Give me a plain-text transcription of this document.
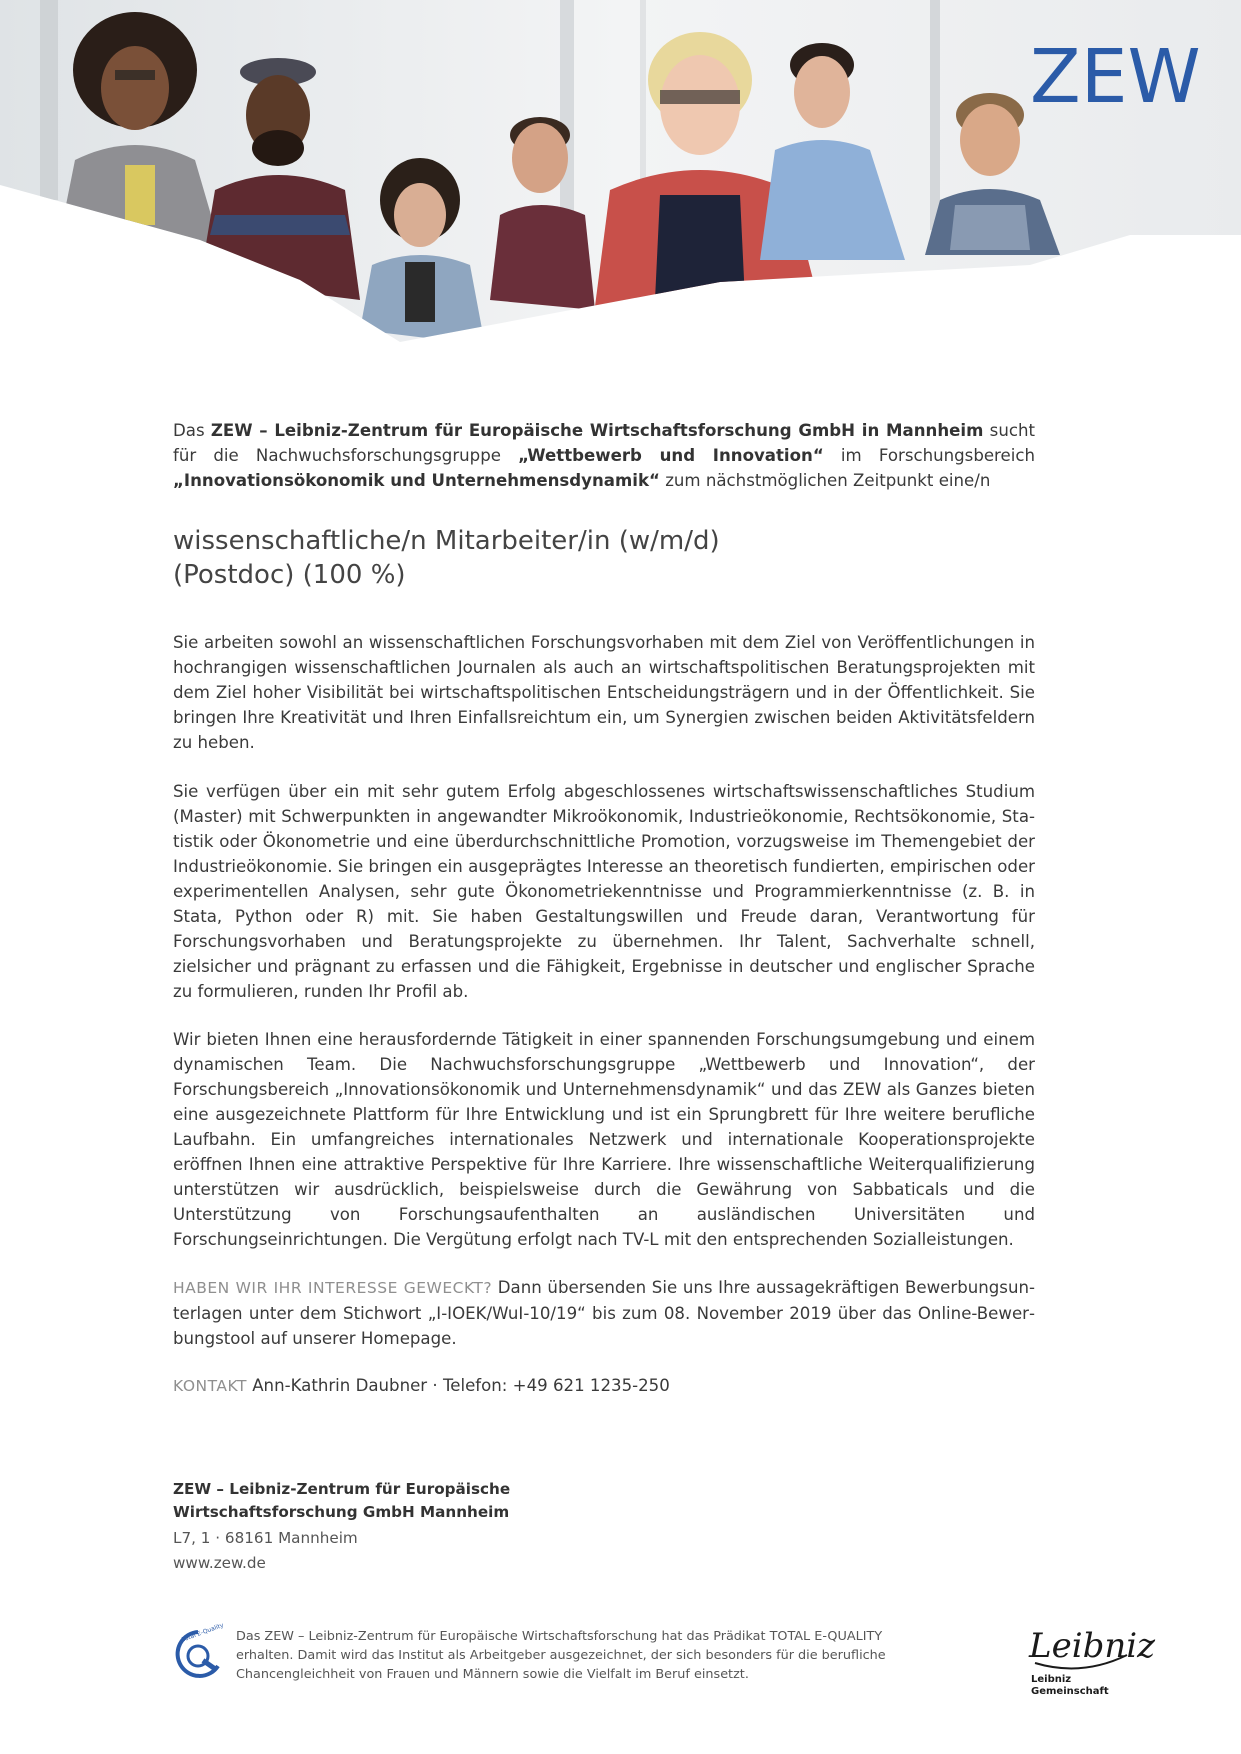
ZEW

Das ZEW – Leibniz-Zentrum für Europäische Wirtschaftsforschung GmbH in Mannheim sucht für die Nachwuchsforschungsgruppe „Wettbewerb und Innovation“ im Forschungsbereich „Innovationsökonomik und Unternehmensdynamik“ zum nächstmöglichen Zeitpunkt eine/n

wissenschaftliche/n Mitarbeiter/in (w/m/d)
(Postdoc) (100 %)

Sie arbeiten sowohl an wissenschaftlichen Forschungsvorhaben mit dem Ziel von Veröffentlichungen in hochrangigen wissenschaftlichen Journalen als auch an wirtschaftspolitischen Beratungsprojekten mit dem Ziel hoher Visibilität bei wirtschaftspolitischen Entscheidungsträgern und in der Öffentlichkeit. Sie bringen Ihre Kreativität und Ihren Einfallsreichtum ein, um Synergien zwischen beiden Aktivitätsfeldern zu heben.

Sie verfügen über ein mit sehr gutem Erfolg abgeschlossenes wirtschaftswissenschaftliches Studium (Master) mit Schwerpunkten in angewandter Mikroökonomik, Industrieökonomie, Rechtsökonomie, Statistik oder Ökonometrie und eine überdurchschnittliche Promotion, vorzugsweise im Themengebiet der Industrieökonomie. Sie bringen ein ausgeprägtes Interesse an theoretisch fundierten, empirischen oder experimentellen Analysen, sehr gute Ökonometriekenntnisse und Programmierkenntnisse (z. B. in Stata, Python oder R) mit. Sie haben Gestaltungswillen und Freude daran, Verantwortung für Forschungsvorhaben und Beratungsprojekte zu übernehmen. Ihr Talent, Sachverhalte schnell, zielsicher und prägnant zu erfassen und die Fähigkeit, Ergebnisse in deutscher und englischer Sprache zu formulieren, runden Ihr Profil ab.

Wir bieten Ihnen eine herausfordernde Tätigkeit in einer spannenden Forschungsumgebung und einem dynamischen Team. Die Nachwuchsforschungsgruppe „Wettbewerb und Innovation“, der Forschungsbereich „Innovationsökonomik und Unternehmensdynamik“ und das ZEW als Ganzes bieten eine ausgezeichnete Plattform für Ihre Entwicklung und ist ein Sprungbrett für Ihre weitere berufliche Laufbahn. Ein umfangreiches internationales Netzwerk und internationale Kooperationsprojekte eröffnen Ihnen eine attraktive Perspektive für Ihre Karriere. Ihre wissenschaftliche Weiterqualifizierung unterstützen wir ausdrücklich, beispielsweise durch die Gewährung von Sabbaticals und die Unterstützung von Forschungsaufenthalten an ausländischen Universitäten und Forschungseinrichtungen. Die Vergütung erfolgt nach TV-L mit den entsprechenden Sozialleistungen.

HABEN WIR IHR INTERESSE GEWECKT? Dann übersenden Sie uns Ihre aussagekräftigen Bewerbungsunterlagen unter dem Stichwort „I-IOEK/WuI-10/19“ bis zum 08. November 2019 über das Online-Bewerbungstool auf unserer Homepage.

KONTAKT Ann-Kathrin Daubner · Telefon: +49 621 1235-250

ZEW – Leibniz-Zentrum für Europäische
Wirtschaftsforschung GmbH Mannheim
L7, 1 · 68161 Mannheim
www.zew.de
Total E-Quality Das ZEW – Leibniz-Zentrum für Europäische Wirtschaftsforschung hat das Prädikat TOTAL E-QUALITY erhalten. Damit wird das Institut als Arbeitgeber ausgezeichnet, der sich besonders für die berufliche Chancengleichheit von Frauen und Männern sowie die Vielfalt im Beruf einsetzt.

Leibniz
Leibniz
Gemeinschaft
